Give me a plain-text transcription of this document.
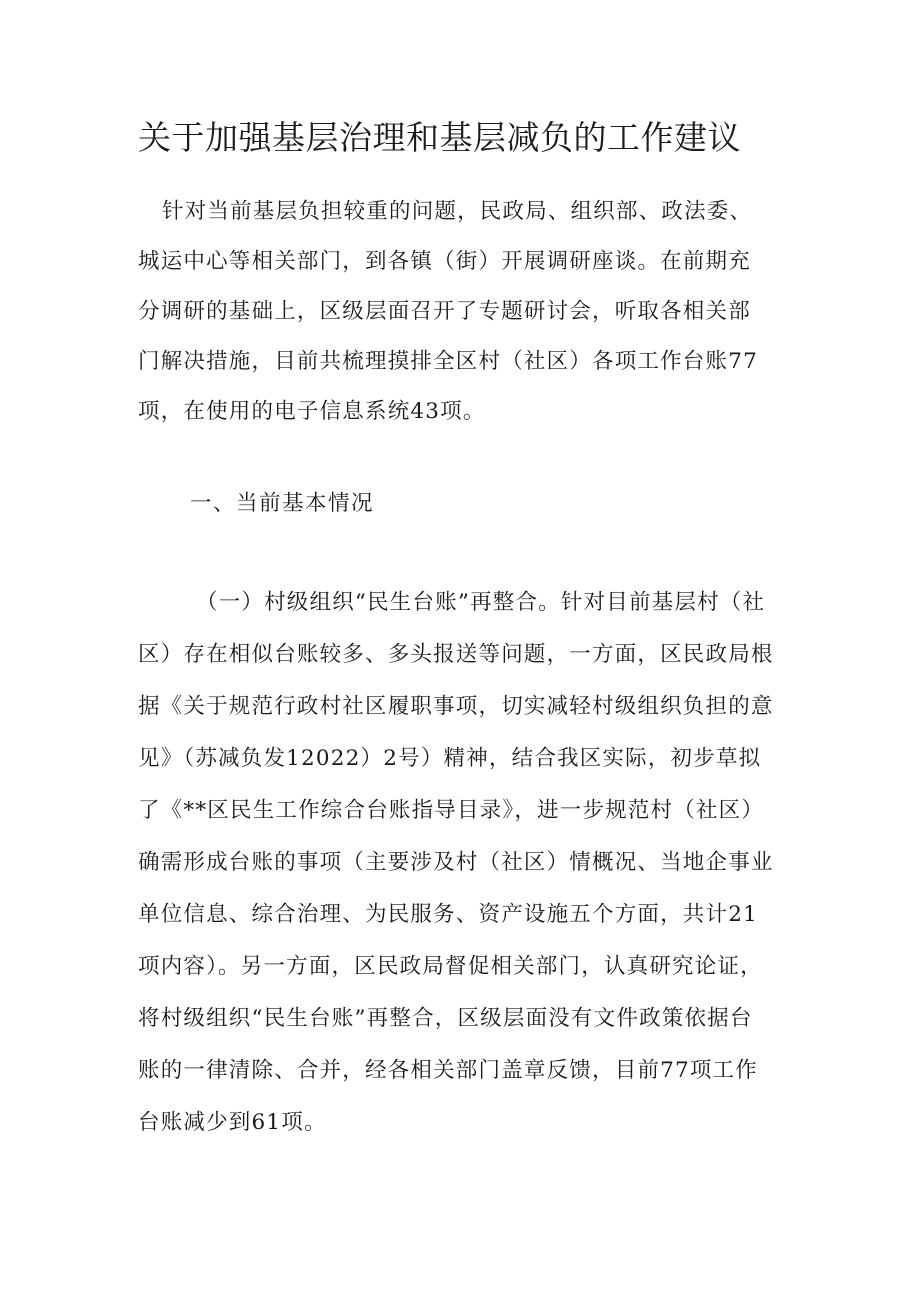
关于加强基层治理和基层减负的工作建议

针对当前基层负担较重的问题，民政局、组织部、政法委、

城运中心等相关部门，到各镇（街）开展调研座谈。在前期充

分调研的基础上，区级层面召开了专题研讨会，听取各相关部

门解决措施，目前共梳理摸排全区村（社区）各项工作台账77

项，在使用的电子信息系统43项。

一、当前基本情况

（一）村级组织“民生台账”再整合。针对目前基层村（社

区）存在相似台账较多、多头报送等问题，一方面，区民政局根

据《关于规范行政村社区履职事项，切实减轻村级组织负担的意

见》（苏减负发12022）2号）精神，结合我区实际，初步草拟

了《**区民生工作综合台账指导目录》，进一步规范村（社区）

确需形成台账的事项（主要涉及村（社区）情概况、当地企事业

单位信息、综合治理、为民服务、资产设施五个方面，共计21

项内容）。另一方面，区民政局督促相关部门，认真研究论证，

将村级组织“民生台账”再整合，区级层面没有文件政策依据台

账的一律清除、合并，经各相关部门盖章反馈，目前77项工作

台账减少到61项。
